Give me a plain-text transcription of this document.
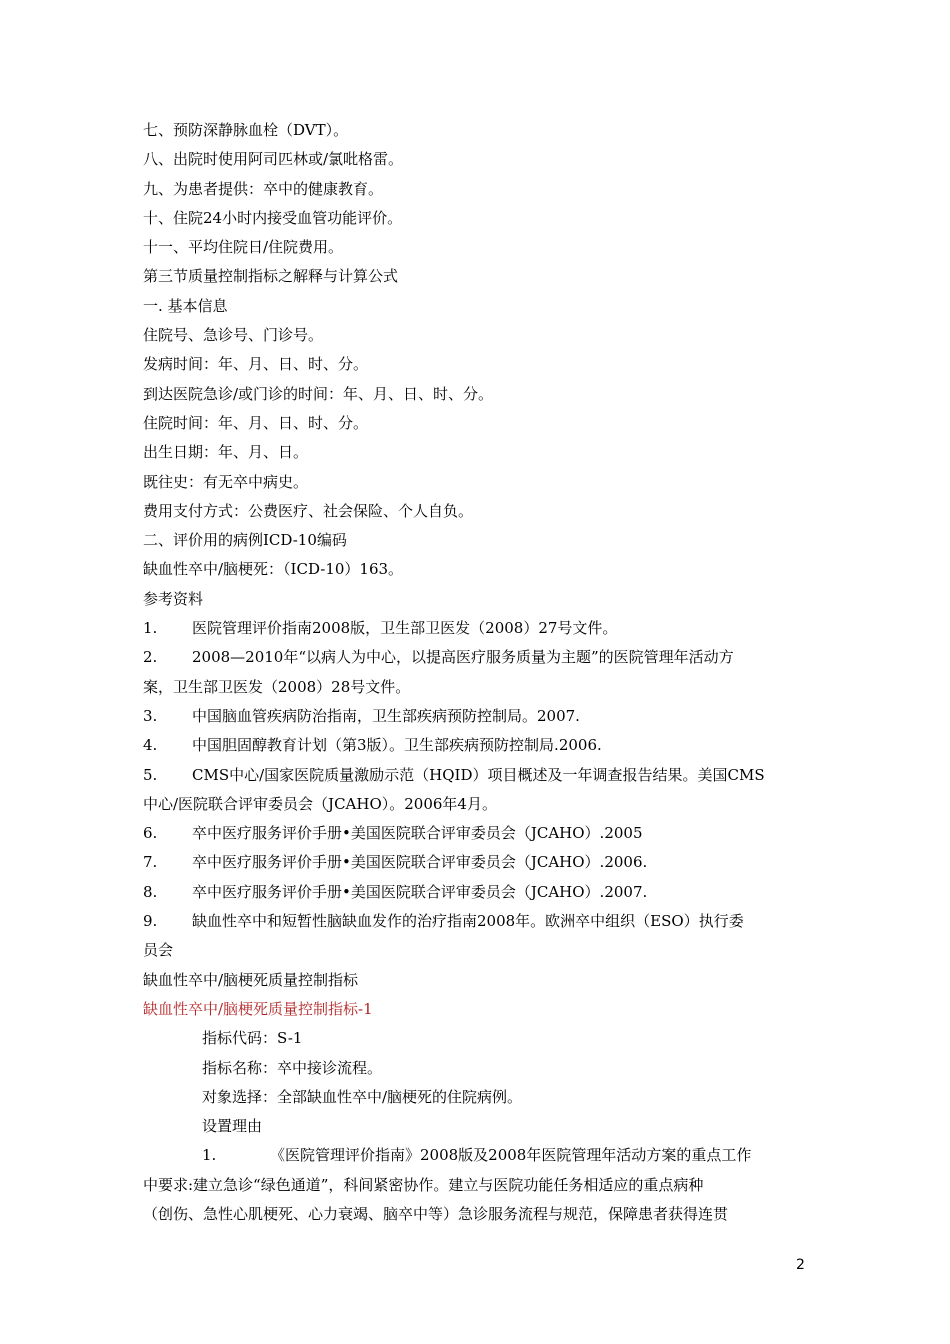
七、预防深静脉血栓（DVT）。
八、出院时使用阿司匹林或/氯吡格雷。
九、为患者提供：卒中的健康教育。
十、住院24小时内接受血管功能评价。
十一、平均住院日/住院费用。
第三节质量控制指标之解释与计算公式
一. 基本信息
住院号、急诊号、门诊号。
发病时间：年、月、日、时、分。
到达医院急诊/或门诊的时间：年、月、日、时、分。
住院时间：年、月、日、时、分。
出生日期：年、月、日。
既往史：有无卒中病史。
费用支付方式：公费医疗、社会保险、个人自负。
二、评价用的病例ICD-10编码
缺血性卒中/脑梗死：（ICD-10）163。
参考资料
1. 医院管理评价指南2008版，卫生部卫医发（2008）27号文件。
2. 2008—2010年“以病人为中心，以提高医疗服务质量为主题”的医院管理年活动方
案，卫生部卫医发（2008）28号文件。
3. 中国脑血管疾病防治指南，卫生部疾病预防控制局。2007.
4. 中国胆固醇教育计划（第3版）。卫生部疾病预防控制局.2006.
5. CMS中心/国家医院质量激励示范（HQID）项目概述及一年调查报告结果。美国CMS
中心/医院联合评审委员会（JCAHO）。2006年4月。
6. 卒中医疗服务评价手册•美国医院联合评审委员会（JCAHO）.2005
7. 卒中医疗服务评价手册•美国医院联合评审委员会（JCAHO）.2006.
8. 卒中医疗服务评价手册•美国医院联合评审委员会（JCAHO）.2007.
9. 缺血性卒中和短暂性脑缺血发作的治疗指南2008年。欧洲卒中组织（ESO）执行委
员会
缺血性卒中/脑梗死质量控制指标
缺血性卒中/脑梗死质量控制指标-1
指标代码：S-1
指标名称：卒中接诊流程。
对象选择：全部缺血性卒中/脑梗死的住院病例。
设置理由
1.	《医院管理评价指南》2008版及2008年医院管理年活动方案的重点工作
中要求:建立急诊“绿色通道”，科间紧密协作。建立与医院功能任务相适应的重点病种
（创伤、急性心肌梗死、心力衰竭、脑卒中等）急诊服务流程与规范，保障患者获得连贯
2
